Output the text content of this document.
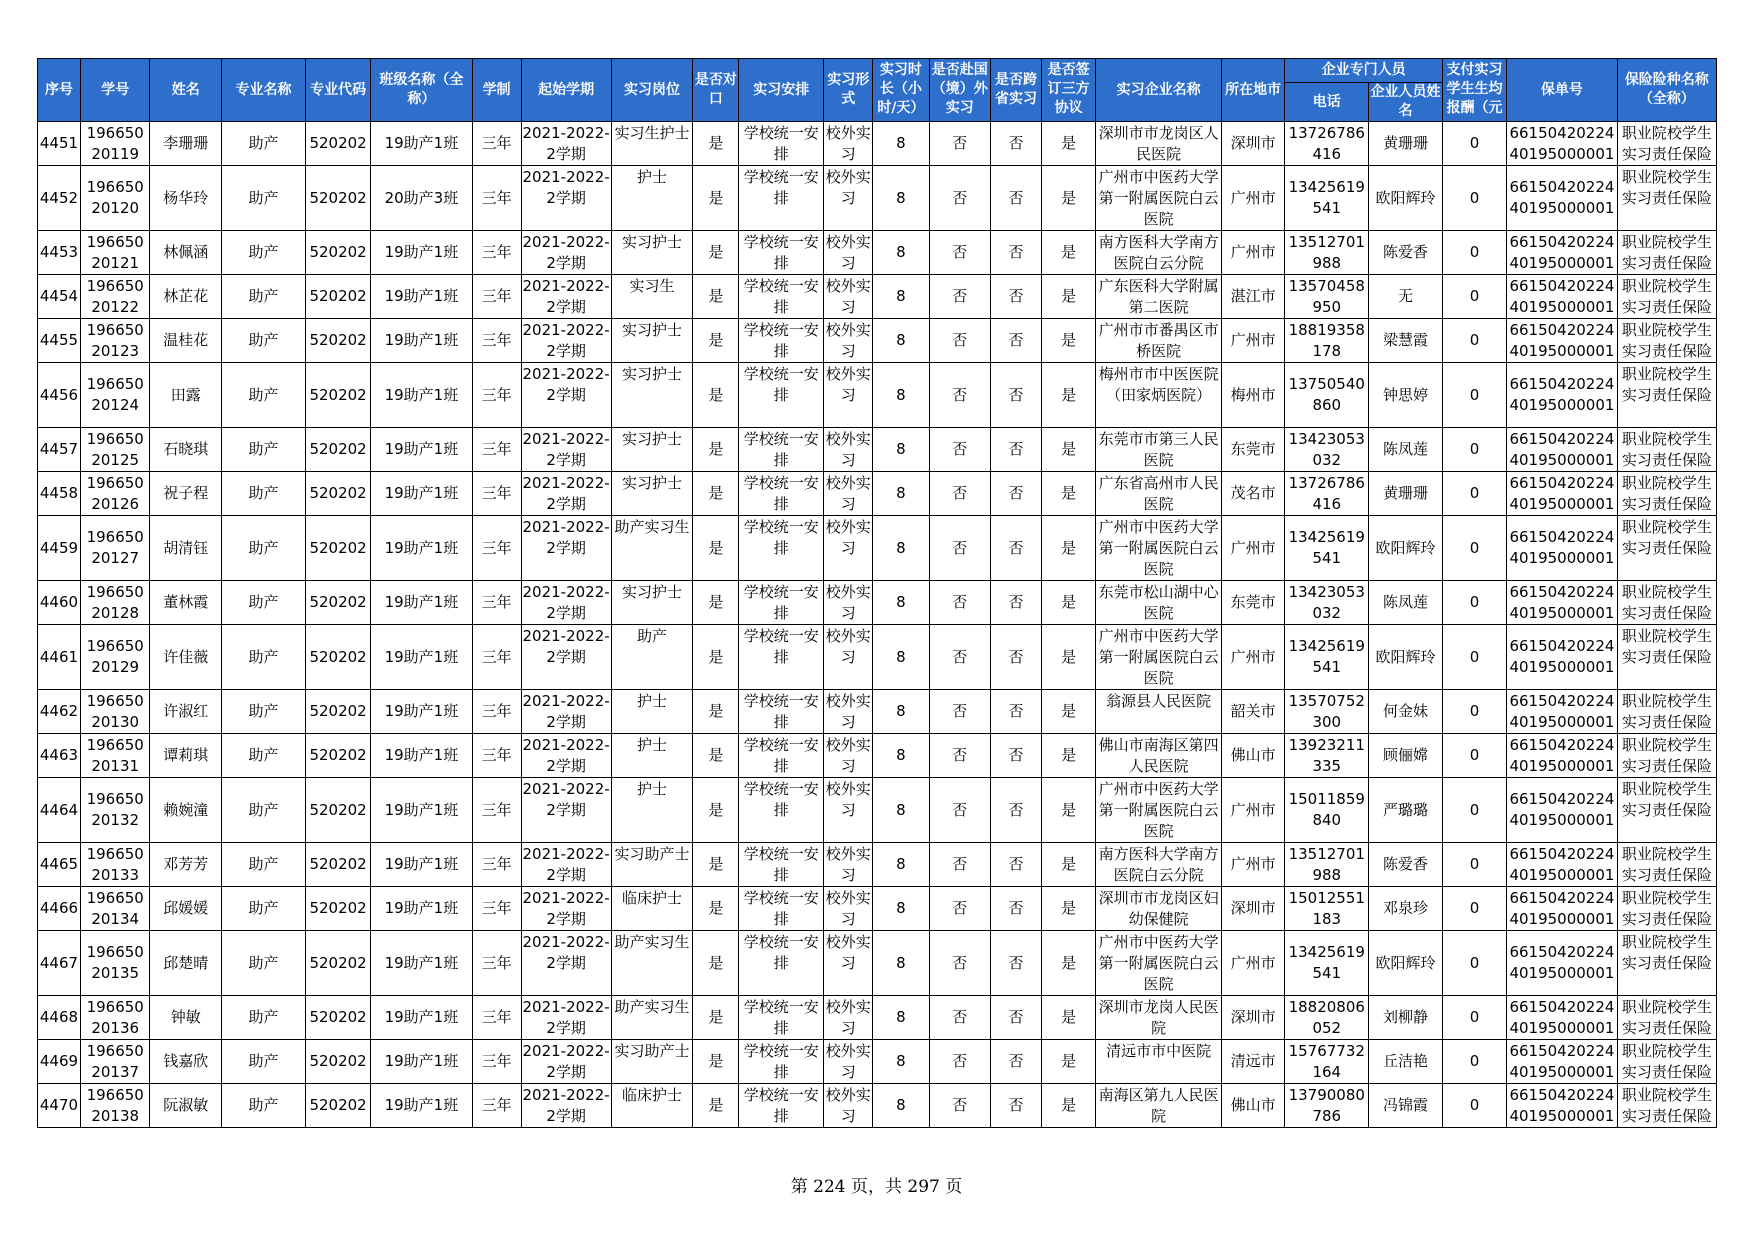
序号	学号	姓名	专业名称	专业代码	班级名称（全称）	学制	起始学期	实习岗位	是否对口	实习安排	实习形式	实习时长（小时/天）	是否赴国（境）外实习	是否跨省实习	是否签订三方协议	实习企业名称	所在地市	企业专门人员		支付实习学生生均报酬（元	保单号	保险险种名称（全称）
																		电话	企业人员姓名			
4451	19665020119	李珊珊	助产	520202	19助产1班	三年	2021-2022-2学期	实习生护士	是	学校统一安排	校外实习	8	否	否	是	深圳市市龙岗区人民医院	深圳市	13726786416	黄珊珊	0	6615042022440195000001	职业院校学生实习责任保险

4452	19665020120	杨华玲	助产	520202	20助产3班	三年	2021-2022-2学期	护士	是	学校统一安排	校外实习	8	否	否	是	广州市中医药大学第一附属医院白云医院	广州市	13425619541	欧阳辉玲	0	6615042022440195000001	职业院校学生实习责任保险

4453	19665020121	林佩涵	助产	520202	19助产1班	三年	2021-2022-2学期	实习护士	是	学校统一安排	校外实习	8	否	否	是	南方医科大学南方医院白云分院	广州市	13512701988	陈爱香	0	6615042022440195000001	职业院校学生实习责任保险

4454	19665020122	林芷花	助产	520202	19助产1班	三年	2021-2022-2学期	实习生	是	学校统一安排	校外实习	8	否	否	是	广东医科大学附属第二医院	湛江市	13570458950	无	0	6615042022440195000001	职业院校学生实习责任保险

4455	19665020123	温桂花	助产	520202	19助产1班	三年	2021-2022-2学期	实习护士	是	学校统一安排	校外实习	8	否	否	是	广州市市番禺区市桥医院	广州市	18819358178	梁慧霞	0	6615042022440195000001	职业院校学生实习责任保险

4456	19665020124	田露	助产	520202	19助产1班	三年	2021-2022-2学期	实习护士	是	学校统一安排	校外实习	8	否	否	是	梅州市市中医医院（田家炳医院）	梅州市	13750540860	钟思婷	0	6615042022440195000001	职业院校学生实习责任保险

4457	19665020125	石晓琪	助产	520202	19助产1班	三年	2021-2022-2学期	实习护士	是	学校统一安排	校外实习	8	否	否	是	东莞市市第三人民医院	东莞市	13423053032	陈凤莲	0	6615042022440195000001	职业院校学生实习责任保险

4458	19665020126	祝子程	助产	520202	19助产1班	三年	2021-2022-2学期	实习护士	是	学校统一安排	校外实习	8	否	否	是	广东省高州市人民医院	茂名市	13726786416	黄珊珊	0	6615042022440195000001	职业院校学生实习责任保险

4459	19665020127	胡清钰	助产	520202	19助产1班	三年	2021-2022-2学期	助产实习生	是	学校统一安排	校外实习	8	否	否	是	广州市中医药大学第一附属医院白云医院	广州市	13425619541	欧阳辉玲	0	6615042022440195000001	职业院校学生实习责任保险

4460	19665020128	董林霞	助产	520202	19助产1班	三年	2021-2022-2学期	实习护士	是	学校统一安排	校外实习	8	否	否	是	东莞市松山湖中心医院	东莞市	13423053032	陈凤莲	0	6615042022440195000001	职业院校学生实习责任保险

4461	19665020129	许佳薇	助产	520202	19助产1班	三年	2021-2022-2学期	助产	是	学校统一安排	校外实习	8	否	否	是	广州市中医药大学第一附属医院白云医院	广州市	13425619541	欧阳辉玲	0	6615042022440195000001	职业院校学生实习责任保险

4462	19665020130	许淑红	助产	520202	19助产1班	三年	2021-2022-2学期	护士	是	学校统一安排	校外实习	8	否	否	是	翁源县人民医院	韶关市	13570752300	何金妹	0	6615042022440195000001	职业院校学生实习责任保险

4463	19665020131	谭莉琪	助产	520202	19助产1班	三年	2021-2022-2学期	护士	是	学校统一安排	校外实习	8	否	否	是	佛山市南海区第四人民医院	佛山市	13923211335	顾俪嫦	0	6615042022440195000001	职业院校学生实习责任保险

4464	19665020132	赖婉潼	助产	520202	19助产1班	三年	2021-2022-2学期	护士	是	学校统一安排	校外实习	8	否	否	是	广州市中医药大学第一附属医院白云医院	广州市	15011859840	严璐璐	0	6615042022440195000001	职业院校学生实习责任保险

4465	19665020133	邓芳芳	助产	520202	19助产1班	三年	2021-2022-2学期	实习助产士	是	学校统一安排	校外实习	8	否	否	是	南方医科大学南方医院白云分院	广州市	13512701988	陈爱香	0	6615042022440195000001	职业院校学生实习责任保险

4466	19665020134	邱媛媛	助产	520202	19助产1班	三年	2021-2022-2学期	临床护士	是	学校统一安排	校外实习	8	否	否	是	深圳市市龙岗区妇幼保健院	深圳市	15012551183	邓泉珍	0	6615042022440195000001	职业院校学生实习责任保险

4467	19665020135	邱楚晴	助产	520202	19助产1班	三年	2021-2022-2学期	助产实习生	是	学校统一安排	校外实习	8	否	否	是	广州市中医药大学第一附属医院白云医院	广州市	13425619541	欧阳辉玲	0	6615042022440195000001	职业院校学生实习责任保险

4468	19665020136	钟敏	助产	520202	19助产1班	三年	2021-2022-2学期	助产实习生	是	学校统一安排	校外实习	8	否	否	是	深圳市龙岗人民医院	深圳市	18820806052	刘柳静	0	6615042022440195000001	职业院校学生实习责任保险

4469	19665020137	钱嘉欣	助产	520202	19助产1班	三年	2021-2022-2学期	实习助产士	是	学校统一安排	校外实习	8	否	否	是	清远市市中医院	清远市	15767732164	丘洁艳	0	6615042022440195000001	职业院校学生实习责任保险

4470	19665020138	阮淑敏	助产	520202	19助产1班	三年	2021-2022-2学期	临床护士	是	学校统一安排	校外实习	8	否	否	是	南海区第九人民医院	佛山市	13790080786	冯锦霞	0	6615042022440195000001	职业院校学生实习责任保险
第 224 页，共 297 页
